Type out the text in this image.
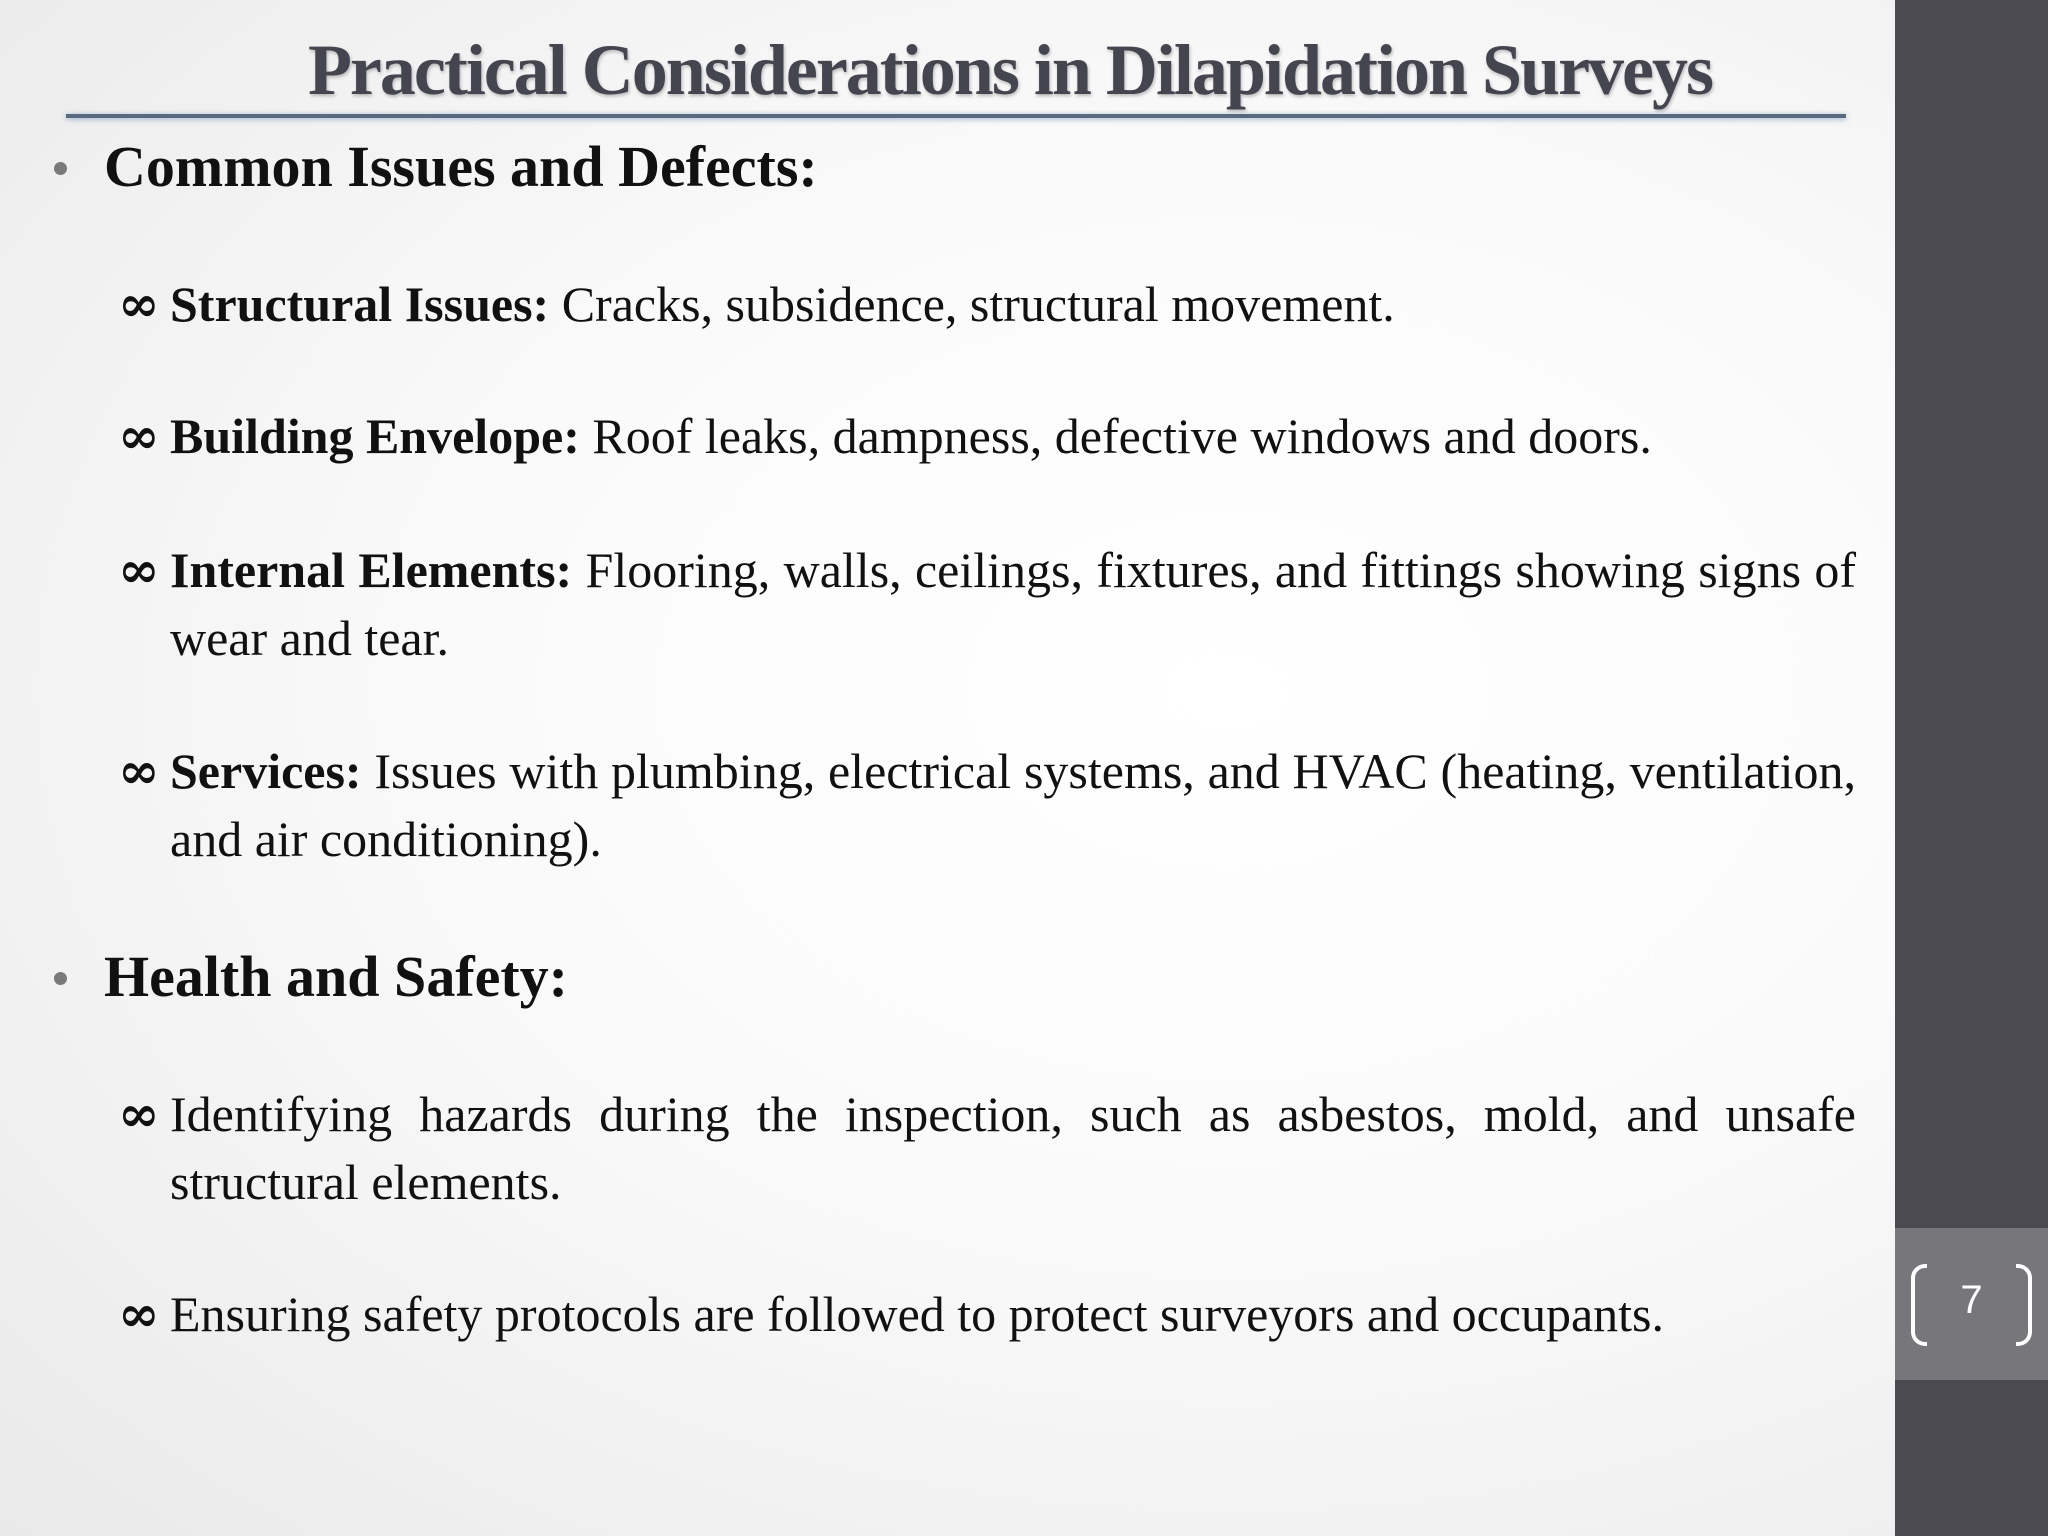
Practical Considerations in Dilapidation Surveys
Common Issues and Defects:
∞ Structural Issues: Cracks, subsidence, structural movement.
∞ Building Envelope: Roof leaks, dampness, defective windows and doors.
∞ Internal Elements: Flooring, walls, ceilings, fixtures, and fittings showing signs of wear and tear.
∞ Services: Issues with plumbing, electrical systems, and HVAC (heating, ventilation, and air conditioning).
Health and Safety:
∞ Identifying hazards during the inspection, such as asbestos, mold, and unsafe structural elements.
∞ Ensuring safety protocols are followed to protect surveyors and occupants.	7
